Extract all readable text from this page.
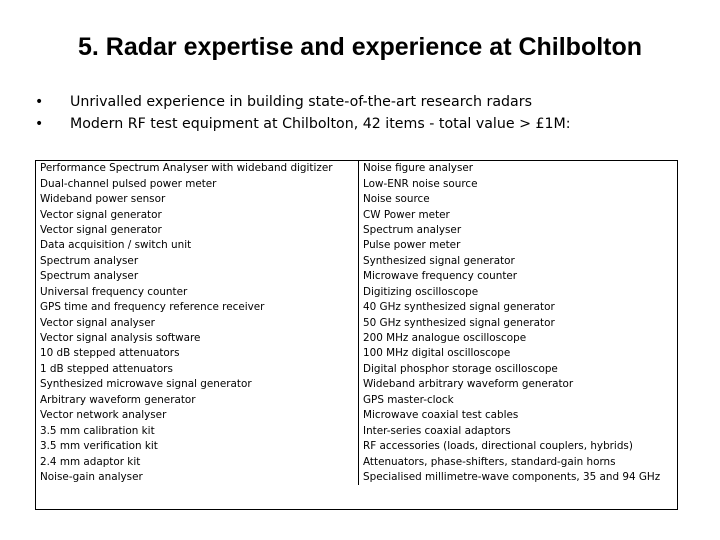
5. Radar expertise and experience at Chilbolton
•	Unrivalled experience in building state-of-the-art research radars
•	Modern RF test equipment at Chilbolton, 42 items - total value > £1M:
Performance Spectrum Analyser with wideband digitizer	Noise figure analyser
Dual-channel pulsed power meter	Low-ENR noise source
Wideband power sensor	Noise source
Vector signal generator	CW Power meter
Vector signal generator	Spectrum analyser
Data acquisition / switch unit	Pulse power meter
Spectrum analyser	Synthesized signal generator
Spectrum analyser	Microwave frequency counter
Universal frequency counter	Digitizing oscilloscope
GPS time and frequency reference receiver	40 GHz synthesized signal generator
Vector signal analyser	50 GHz synthesized signal generator
Vector signal analysis software	200 MHz analogue oscilloscope
10 dB stepped attenuators	100 MHz digital oscilloscope
1 dB stepped attenuators	Digital phosphor storage oscilloscope
Synthesized microwave signal generator	Wideband arbitrary waveform generator
Arbitrary waveform generator	GPS master-clock
Vector network analyser	Microwave coaxial test cables
3.5 mm calibration kit	Inter-series coaxial adaptors
3.5 mm verification kit	RF accessories (loads, directional couplers, hybrids)
2.4 mm adaptor kit	Attenuators, phase-shifters, standard-gain horns
Noise-gain analyser	Specialised millimetre-wave components, 35 and 94 GHz
